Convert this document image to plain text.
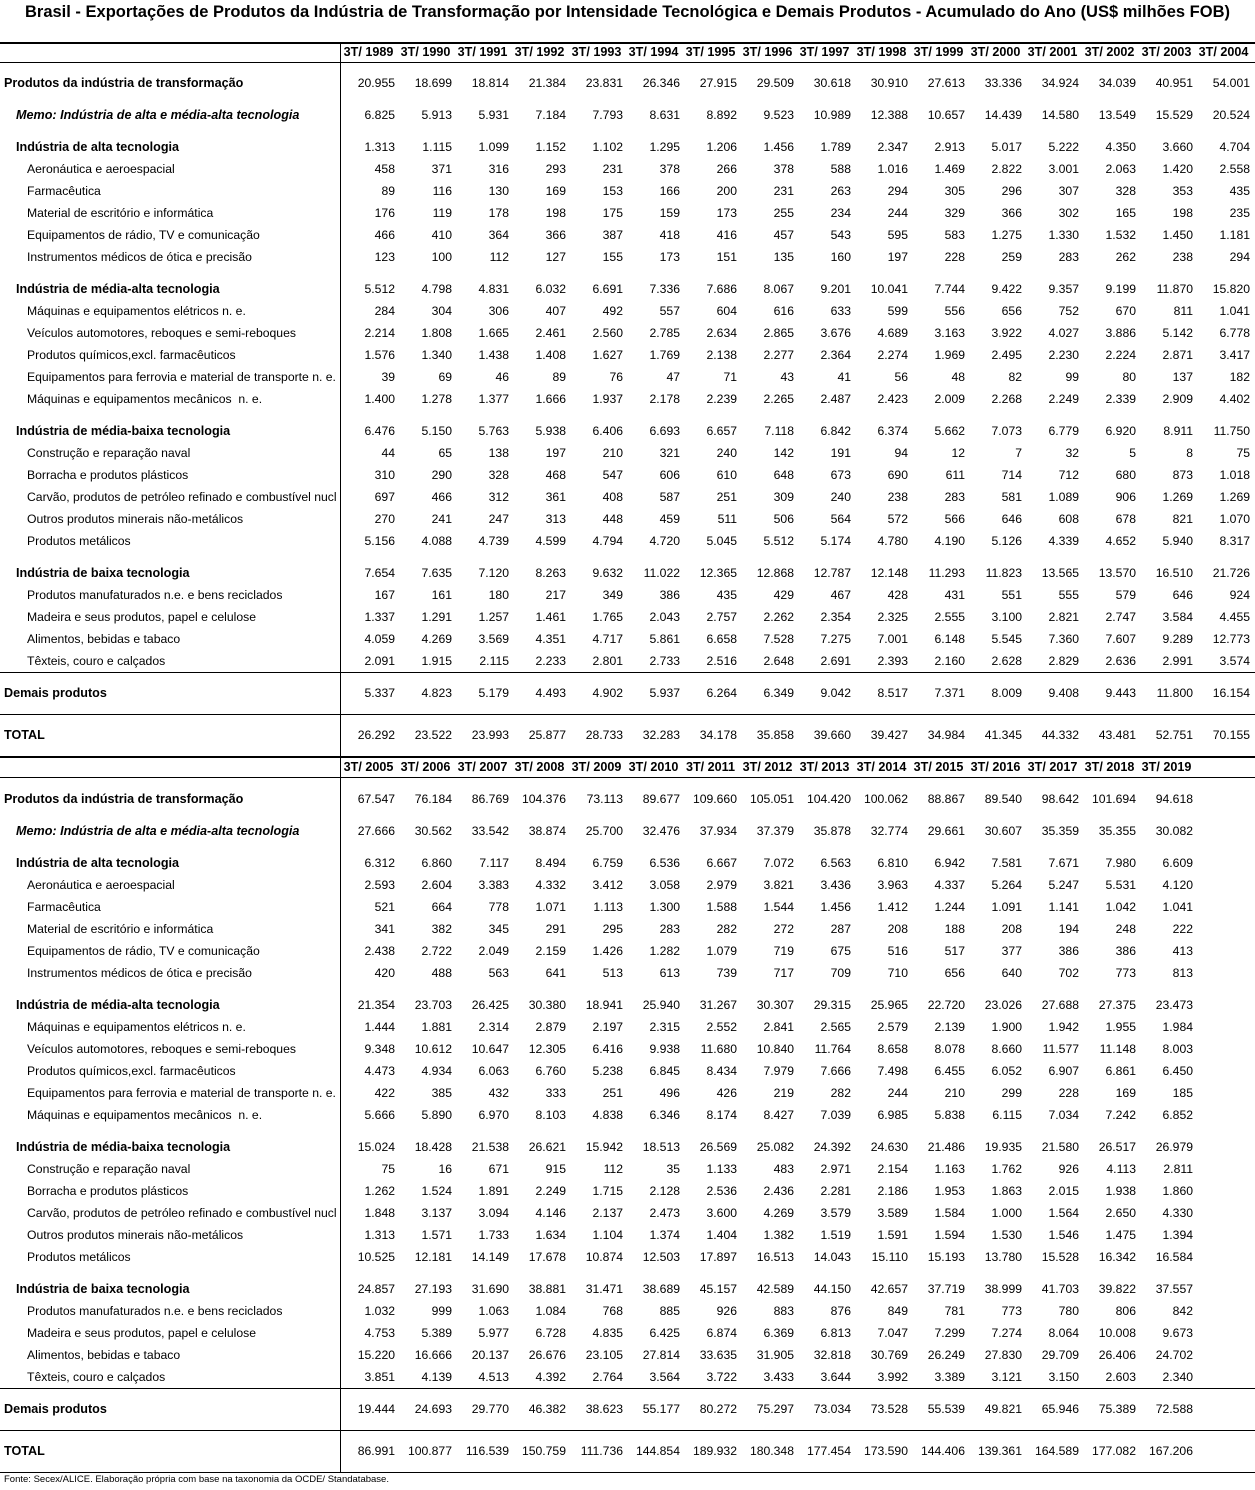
Brasil - Exportações de Produtos da Indústria de Transformação por Intensidade Tecnológica e Demais Produtos - Acumulado do Ano (US$ milhões FOB)
Fonte: Secex/ALICE. Elaboração própria com base na taxonomia da OCDE/ Standatabase.
3T/ 1989 3T/ 1990 3T/ 1991 3T/ 1992 3T/ 1993 3T/ 1994 3T/ 1995 3T/ 1996 3T/ 1997 3T/ 1998 3T/ 1999 3T/ 2000 3T/ 2001 3T/ 2002 3T/ 2003 3T/ 2004
Produtos da indústria de transformação	20.955	18.699	18.814	21.384	23.831	26.346	27.915	29.509	30.618	30.910	27.613	33.336	34.924	34.039	40.951	54.001
Memo: Indústria de alta e média-alta tecnologia	6.825	5.913	5.931	7.184	7.793	8.631	8.892	9.523	10.989	12.388	10.657	14.439	14.580	13.549	15.529	20.524
Indústria de alta tecnologia	1.313	1.115	1.099	1.152	1.102	1.295	1.206	1.456	1.789	2.347	2.913	5.017	5.222	4.350	3.660	4.704
Aeronáutica e aeroespacial	458	371	316	293	231	378	266	378	588	1.016	1.469	2.822	3.001	2.063	1.420	2.558
Farmacêutica	89	116	130	169	153	166	200	231	263	294	305	296	307	328	353	435
Material de escritório e informática	176	119	178	198	175	159	173	255	234	244	329	366	302	165	198	235
Equipamentos de rádio, TV e comunicação	466	410	364	366	387	418	416	457	543	595	583	1.275	1.330	1.532	1.450	1.181
Instrumentos médicos de ótica e precisão	123	100	112	127	155	173	151	135	160	197	228	259	283	262	238	294
Indústria de média-alta tecnologia	5.512	4.798	4.831	6.032	6.691	7.336	7.686	8.067	9.201	10.041	7.744	9.422	9.357	9.199	11.870	15.820
Máquinas e equipamentos elétricos n. e.	284	304	306	407	492	557	604	616	633	599	556	656	752	670	811	1.041
Veículos automotores, reboques e semi-reboques	2.214	1.808	1.665	2.461	2.560	2.785	2.634	2.865	3.676	4.689	3.163	3.922	4.027	3.886	5.142	6.778
Produtos químicos,excl. farmacêuticos	1.576	1.340	1.438	1.408	1.627	1.769	2.138	2.277	2.364	2.274	1.969	2.495	2.230	2.224	2.871	3.417
Equipamentos para ferrovia e material de transporte n. e.	39	69	46	89	76	47	71	43	41	56	48	82	99	80	137	182
Máquinas e equipamentos mecânicos  n. e.	1.400	1.278	1.377	1.666	1.937	2.178	2.239	2.265	2.487	2.423	2.009	2.268	2.249	2.339	2.909	4.402
Indústria de média-baixa tecnologia	6.476	5.150	5.763	5.938	6.406	6.693	6.657	7.118	6.842	6.374	5.662	7.073	6.779	6.920	8.911	11.750
Construção e reparação naval	44	65	138	197	210	321	240	142	191	94	12	7	32	5	8	75
Borracha e produtos plásticos	310	290	328	468	547	606	610	648	673	690	611	714	712	680	873	1.018
Carvão, produtos de petróleo refinado e combustível nucl	697	466	312	361	408	587	251	309	240	238	283	581	1.089	906	1.269	1.269
Outros produtos minerais não-metálicos	270	241	247	313	448	459	511	506	564	572	566	646	608	678	821	1.070
Produtos metálicos	5.156	4.088	4.739	4.599	4.794	4.720	5.045	5.512	5.174	4.780	4.190	5.126	4.339	4.652	5.940	8.317
Indústria de baixa tecnologia	7.654	7.635	7.120	8.263	9.632	11.022	12.365	12.868	12.787	12.148	11.293	11.823	13.565	13.570	16.510	21.726
Produtos manufaturados n.e. e bens reciclados	167	161	180	217	349	386	435	429	467	428	431	551	555	579	646	924
Madeira e seus produtos, papel e celulose	1.337	1.291	1.257	1.461	1.765	2.043	2.757	2.262	2.354	2.325	2.555	3.100	2.821	2.747	3.584	4.455
Alimentos, bebidas e tabaco	4.059	4.269	3.569	4.351	4.717	5.861	6.658	7.528	7.275	7.001	6.148	5.545	7.360	7.607	9.289	12.773
Têxteis, couro e calçados	2.091	1.915	2.115	2.233	2.801	2.733	2.516	2.648	2.691	2.393	2.160	2.628	2.829	2.636	2.991	3.574
Demais produtos	5.337	4.823	5.179	4.493	4.902	5.937	6.264	6.349	9.042	8.517	7.371	8.009	9.408	9.443	11.800	16.154
TOTAL	26.292	23.522	23.993	25.877	28.733	32.283	34.178	35.858	39.660	39.427	34.984	41.345	44.332	43.481	52.751	70.155
3T/ 2005 3T/ 2006 3T/ 2007 3T/ 2008 3T/ 2009 3T/ 2010 3T/ 2011 3T/ 2012 3T/ 2013 3T/ 2014 3T/ 2015 3T/ 2016 3T/ 2017 3T/ 2018 3T/ 2019
Produtos da indústria de transformação	67.547	76.184	86.769	104.376	73.113	89.677	109.660	105.051	104.420	100.062	88.867	89.540	98.642	101.694	94.618
Memo: Indústria de alta e média-alta tecnologia	27.666	30.562	33.542	38.874	25.700	32.476	37.934	37.379	35.878	32.774	29.661	30.607	35.359	35.355	30.082
Indústria de alta tecnologia	6.312	6.860	7.117	8.494	6.759	6.536	6.667	7.072	6.563	6.810	6.942	7.581	7.671	7.980	6.609
Aeronáutica e aeroespacial	2.593	2.604	3.383	4.332	3.412	3.058	2.979	3.821	3.436	3.963	4.337	5.264	5.247	5.531	4.120
Farmacêutica	521	664	778	1.071	1.113	1.300	1.588	1.544	1.456	1.412	1.244	1.091	1.141	1.042	1.041
Material de escritório e informática	341	382	345	291	295	283	282	272	287	208	188	208	194	248	222
Equipamentos de rádio, TV e comunicação	2.438	2.722	2.049	2.159	1.426	1.282	1.079	719	675	516	517	377	386	386	413
Instrumentos médicos de ótica e precisão	420	488	563	641	513	613	739	717	709	710	656	640	702	773	813
Indústria de média-alta tecnologia	21.354	23.703	26.425	30.380	18.941	25.940	31.267	30.307	29.315	25.965	22.720	23.026	27.688	27.375	23.473
Máquinas e equipamentos elétricos n. e.	1.444	1.881	2.314	2.879	2.197	2.315	2.552	2.841	2.565	2.579	2.139	1.900	1.942	1.955	1.984
Veículos automotores, reboques e semi-reboques	9.348	10.612	10.647	12.305	6.416	9.938	11.680	10.840	11.764	8.658	8.078	8.660	11.577	11.148	8.003
Produtos químicos,excl. farmacêuticos	4.473	4.934	6.063	6.760	5.238	6.845	8.434	7.979	7.666	7.498	6.455	6.052	6.907	6.861	6.450
Equipamentos para ferrovia e material de transporte n. e.	422	385	432	333	251	496	426	219	282	244	210	299	228	169	185
Máquinas e equipamentos mecânicos  n. e.	5.666	5.890	6.970	8.103	4.838	6.346	8.174	8.427	7.039	6.985	5.838	6.115	7.034	7.242	6.852
Indústria de média-baixa tecnologia	15.024	18.428	21.538	26.621	15.942	18.513	26.569	25.082	24.392	24.630	21.486	19.935	21.580	26.517	26.979
Construção e reparação naval	75	16	671	915	112	35	1.133	483	2.971	2.154	1.163	1.762	926	4.113	2.811
Borracha e produtos plásticos	1.262	1.524	1.891	2.249	1.715	2.128	2.536	2.436	2.281	2.186	1.953	1.863	2.015	1.938	1.860
Carvão, produtos de petróleo refinado e combustível nucl	1.848	3.137	3.094	4.146	2.137	2.473	3.600	4.269	3.579	3.589	1.584	1.000	1.564	2.650	4.330
Outros produtos minerais não-metálicos	1.313	1.571	1.733	1.634	1.104	1.374	1.404	1.382	1.519	1.591	1.594	1.530	1.546	1.475	1.394
Produtos metálicos	10.525	12.181	14.149	17.678	10.874	12.503	17.897	16.513	14.043	15.110	15.193	13.780	15.528	16.342	16.584
Indústria de baixa tecnologia	24.857	27.193	31.690	38.881	31.471	38.689	45.157	42.589	44.150	42.657	37.719	38.999	41.703	39.822	37.557
Produtos manufaturados n.e. e bens reciclados	1.032	999	1.063	1.084	768	885	926	883	876	849	781	773	780	806	842
Madeira e seus produtos, papel e celulose	4.753	5.389	5.977	6.728	4.835	6.425	6.874	6.369	6.813	7.047	7.299	7.274	8.064	10.008	9.673
Alimentos, bebidas e tabaco	15.220	16.666	20.137	26.676	23.105	27.814	33.635	31.905	32.818	30.769	26.249	27.830	29.709	26.406	24.702
Têxteis, couro e calçados	3.851	4.139	4.513	4.392	2.764	3.564	3.722	3.433	3.644	3.992	3.389	3.121	3.150	2.603	2.340
Demais produtos	19.444	24.693	29.770	46.382	38.623	55.177	80.272	75.297	73.034	73.528	55.539	49.821	65.946	75.389	72.588
TOTAL	86.991	100.877	116.539	150.759	111.736	144.854	189.932	180.348	177.454	173.590	144.406	139.361	164.589	177.082	167.206
